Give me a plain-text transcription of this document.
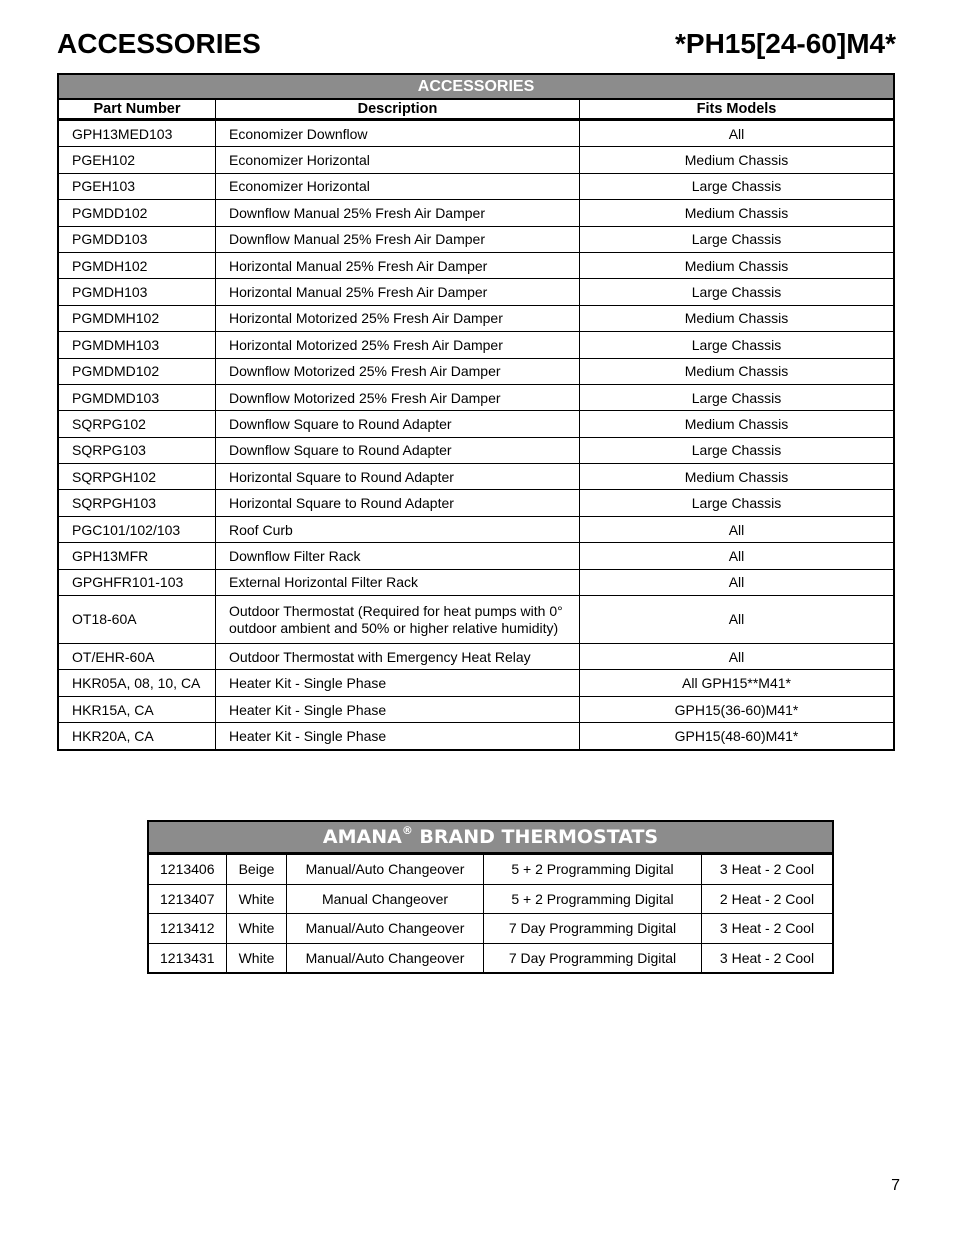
ACCESSORIES	*PH15[24-60]M4*
ACCESSORIES		
Part Number	Description	Fits Models
GPH13MED103	Economizer Downflow	All
PGEH102	Economizer Horizontal	Medium Chassis
PGEH103	Economizer Horizontal	Large Chassis
PGMDD102	Downflow Manual 25% Fresh Air Damper	Medium Chassis
PGMDD103	Downflow Manual 25% Fresh Air Damper	Large Chassis
PGMDH102	Horizontal Manual 25% Fresh Air Damper	Medium Chassis
PGMDH103	Horizontal Manual 25% Fresh Air Damper	Large Chassis
PGMDMH102	Horizontal Motorized 25% Fresh Air Damper	Medium Chassis
PGMDMH103	Horizontal Motorized 25% Fresh Air Damper	Large Chassis
PGMDMD102	Downflow Motorized 25% Fresh Air Damper	Medium Chassis
PGMDMD103	Downflow Motorized 25% Fresh Air Damper	Large Chassis
SQRPG102	Downflow Square to Round Adapter	Medium Chassis
SQRPG103	Downflow Square to Round Adapter	Large Chassis
SQRPGH102	Horizontal Square to Round Adapter	Medium Chassis
SQRPGH103	Horizontal Square to Round Adapter	Large Chassis
PGC101/102/103	Roof Curb	All
GPH13MFR	Downflow Filter Rack	All
GPGHFR101-103	External Horizontal Filter Rack	All
OT18-60A	Outdoor Thermostat (Required for heat pumps with 0° outdoor ambient and 50% or higher relative humidity)	All
OT/EHR-60A	Outdoor Thermostat with Emergency Heat Relay	All
HKR05A, 08, 10, CA	Heater Kit - Single Phase	All GPH15**M41*
HKR15A, CA	Heater Kit - Single Phase	GPH15(36-60)M41*
HKR20A, CA	Heater Kit - Single Phase	GPH15(48-60)M41*
AMANA® BRAND THERMOSTATS				
1213406	Beige	Manual/Auto Changeover	5 + 2 Programming Digital	3 Heat - 2 Cool
1213407	White	Manual Changeover	5 + 2 Programming Digital	2 Heat - 2 Cool
1213412	White	Manual/Auto Changeover	7 Day Programming Digital	3 Heat - 2 Cool
1213431	White	Manual/Auto Changeover	7 Day Programming Digital	3 Heat - 2 Cool
7
